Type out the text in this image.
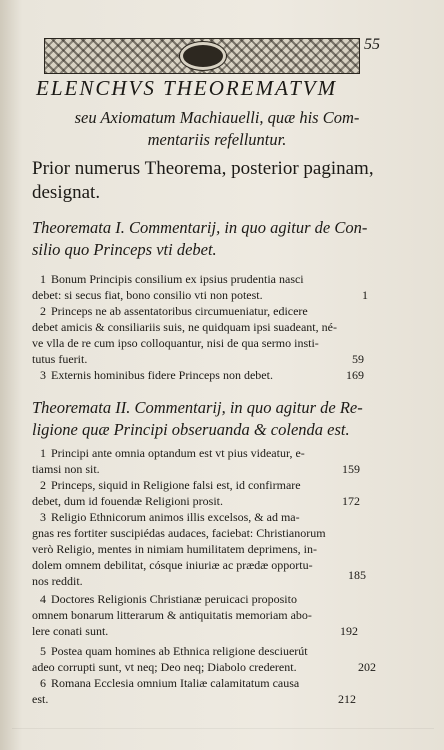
55
ELENCHVS THEOREMATVM
seu Axiomatum Machiauelli, quæ his Com-
mentariis refelluntur.
Prior numerus Theorema, posterior paginam,
designat.
Theoremata I. Commentarij, in quo agitur de Con-
silio quo Princeps vti debet.
1 Bonum Principis consilium ex ipsius prudentia nasci
debet: si secus fiat, bono consilio vti non potest.	1
2 Princeps ne ab assentatoribus circumueniatur, edicere
debet amicis & consiliariis suis, ne quidquam ipsi suadeant, né-
ve vlla de re cum ipso colloquantur, nisi de qua sermo insti-
tutus fuerit.	59
3 Externis hominibus fidere Princeps non debet.	169
Theoremata II. Commentarij, in quo agitur de Re-
ligione quæ Principi obseruanda & colenda est.
1 Principi ante omnia optandum est vt pius videatur, e-
tiamsi non sit.	159
2 Princeps, siquid in Religione falsi est, id confirmare
debet, dum id fouendæ Religioni prosit.	172
3 Religio Ethnicorum animos illis excelsos, & ad ma-
gnas res fortiter suscipiédas audaces, faciebat: Christianorum
verò Religio, mentes in nimiam humilitatem deprimens, in-
dolem omnem debilitat, cósque iniuriæ ac prædæ opportu-
nos reddit.	185
4 Doctores Religionis Christianæ peruicaci proposito
omnem bonarum litterarum & antiquitatis memoriam abo-
lere conati sunt.	192
5 Postea quam homines ab Ethnica religione desciuerút
adeo corrupti sunt, vt neq; Deo neq; Diabolo crederent.	202
6 Romana Ecclesia omnium Italiæ calamitatum causa
est.	212
